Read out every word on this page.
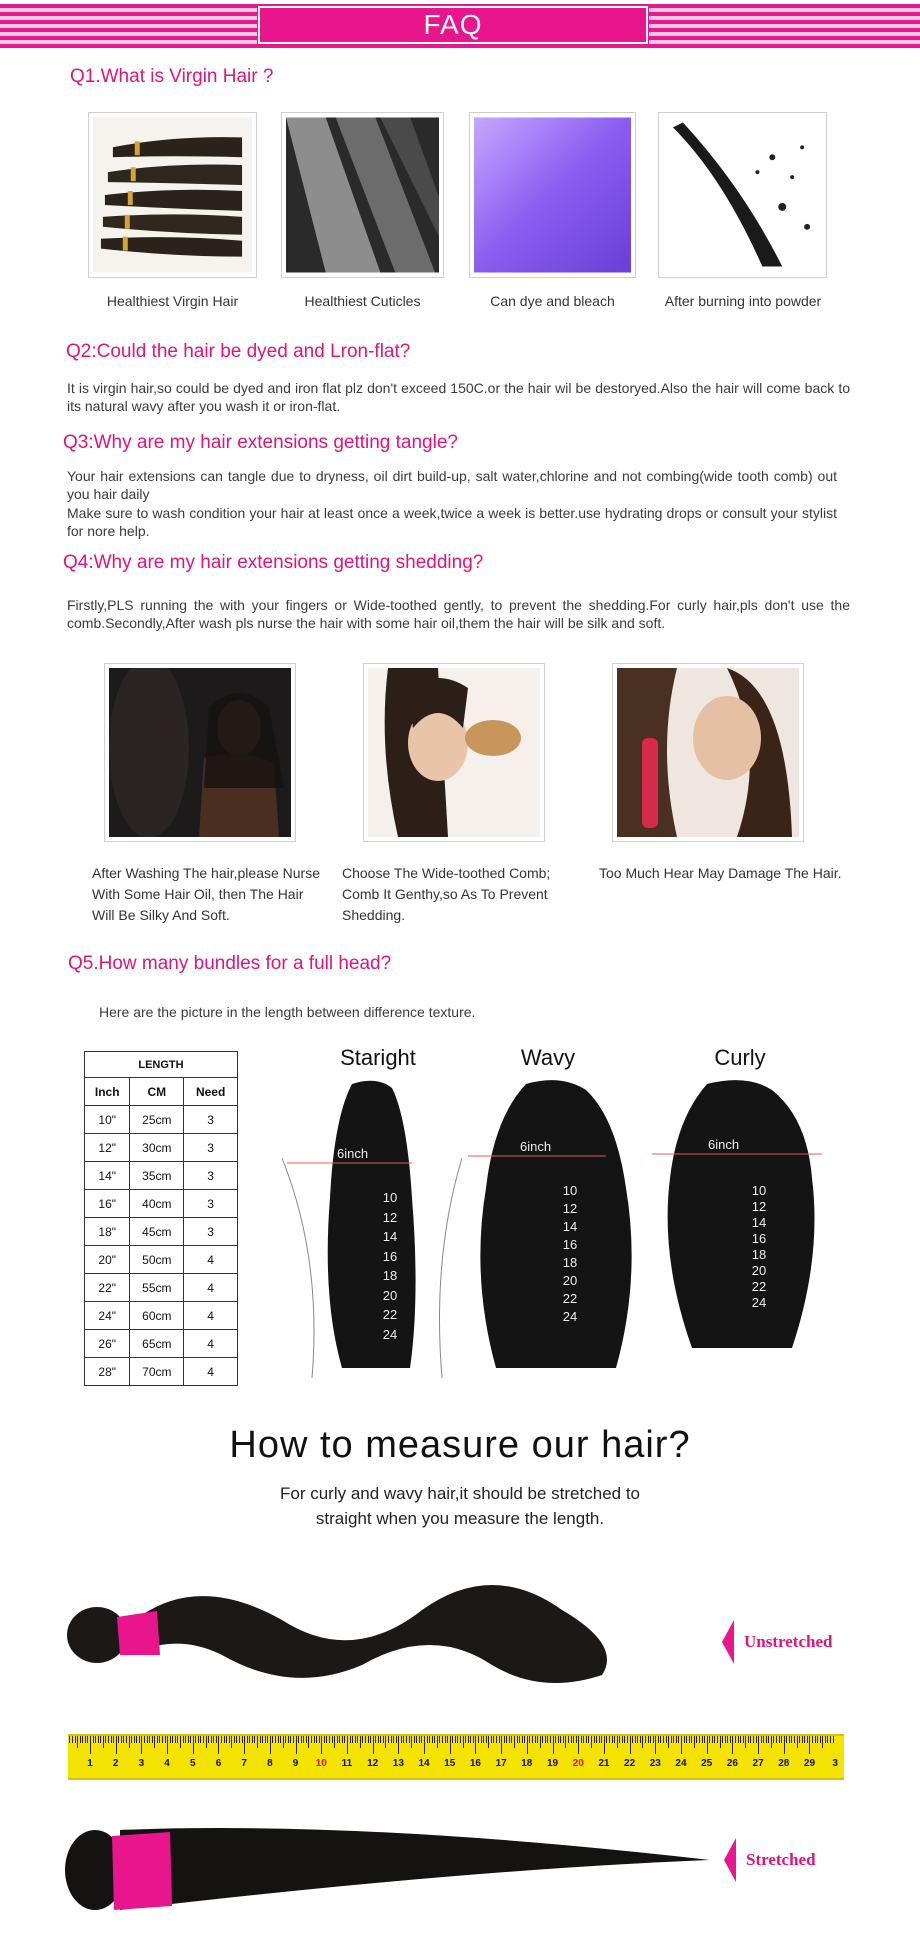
FAQ
Q1.What is Virgin Hair ?
Healthiest Virgin Hair	Healthiest Cuticles	Can dye and bleach	After burning into powder
Q2:Could the hair be dyed and Lron-flat?
It is virgin hair,so could be dyed and iron flat plz don't exceed 150C.or the hair wil be destoryed.Also the hair will come back to its natural wavy after you wash it or iron-flat.
Q3:Why are my hair extensions getting tangle?
Your hair extensions can tangle due to dryness, oil dirt build-up, salt water,chlorine and not combing(wide tooth comb) out you hair daily
Make sure to wash condition your hair at least once a week,twice a week is better.use hydrating drops or consult your stylist for nore help.
Q4:Why are my hair extensions getting shedding?
Firstly,PLS running the with your fingers or Wide-toothed gently, to prevent the shedding.For curly hair,pls don't use the comb.Secondly,After wash pls nurse the hair with some hair oil,them the hair will be silk and soft.
After Washing The hair,please Nurse With Some Hair Oil, then The Hair Will Be Silky And Soft.
Choose The Wide-toothed Comb; Comb It Genthy,so As To Prevent Shedding.
Too Much Hear May Damage The Hair.
Q5.How many bundles for a full head?
Here are the picture in the length between difference texture.
LENGTH		
Inch	CM	Need
10"	25cm	3
12"	30cm	3
14"	35cm	3
16"	40cm	3
18"	45cm	3
20"	50cm	4
22"	55cm	4
24"	60cm	4
26"	65cm	4
28"	70cm	4
Staright	Wavy	Curly
6inch	6inch	6inch
10
12
14
16
18
20
22
24
10
12
14
16
18
20
22
24
10
12
14
16
18
20
22
24
How to measure our hair?
For curly and wavy hair,it should be stretched to
straight when you measure the length.
Unstretched
1	2	3	4	5	6	7	8	9	10	11	12	13	14	15	16	17	18	19	20	21	22	23	24	25	26	27	28	29	3
Stretched
